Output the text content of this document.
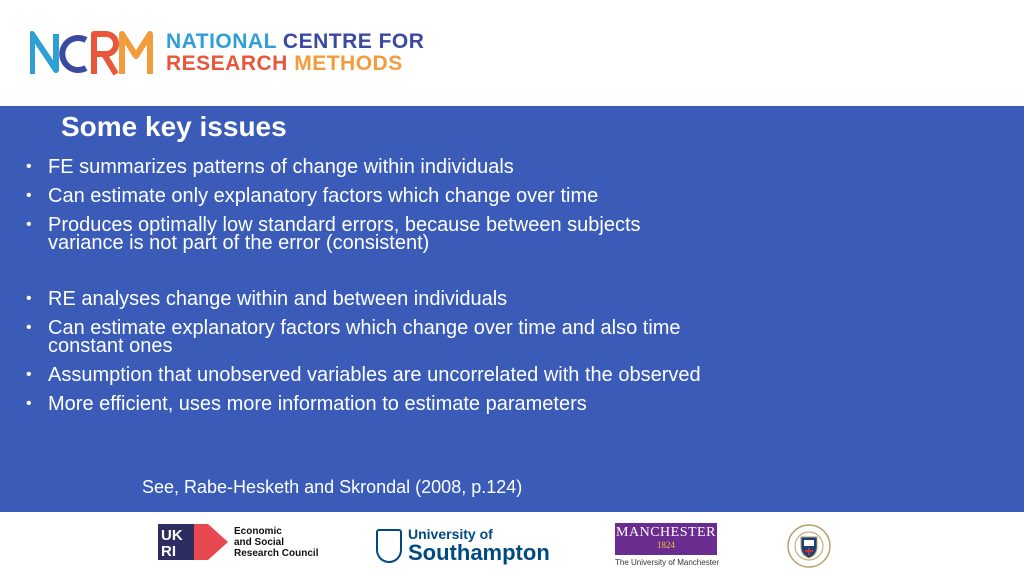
NATIONAL CENTRE FOR
RESEARCH METHODS
Some key issues
• FE summarizes patterns of change within individuals
• Can estimate only explanatory factors which change over time
• Produces optimally low standard errors, because between subjects variance is not part of the error (consistent)
• RE analyses change within and between individuals
• Can estimate explanatory factors which change over time and also time constant ones
• Assumption that unobserved variables are uncorrelated with the observed
• More efficient, uses more information to estimate parameters
See, Rabe-Hesketh and Skrondal (2008, p.124)
UK
RI
Economic
and Social
Research Council
University of
Southampton
MANCHESTER
1824
The University of Manchester
